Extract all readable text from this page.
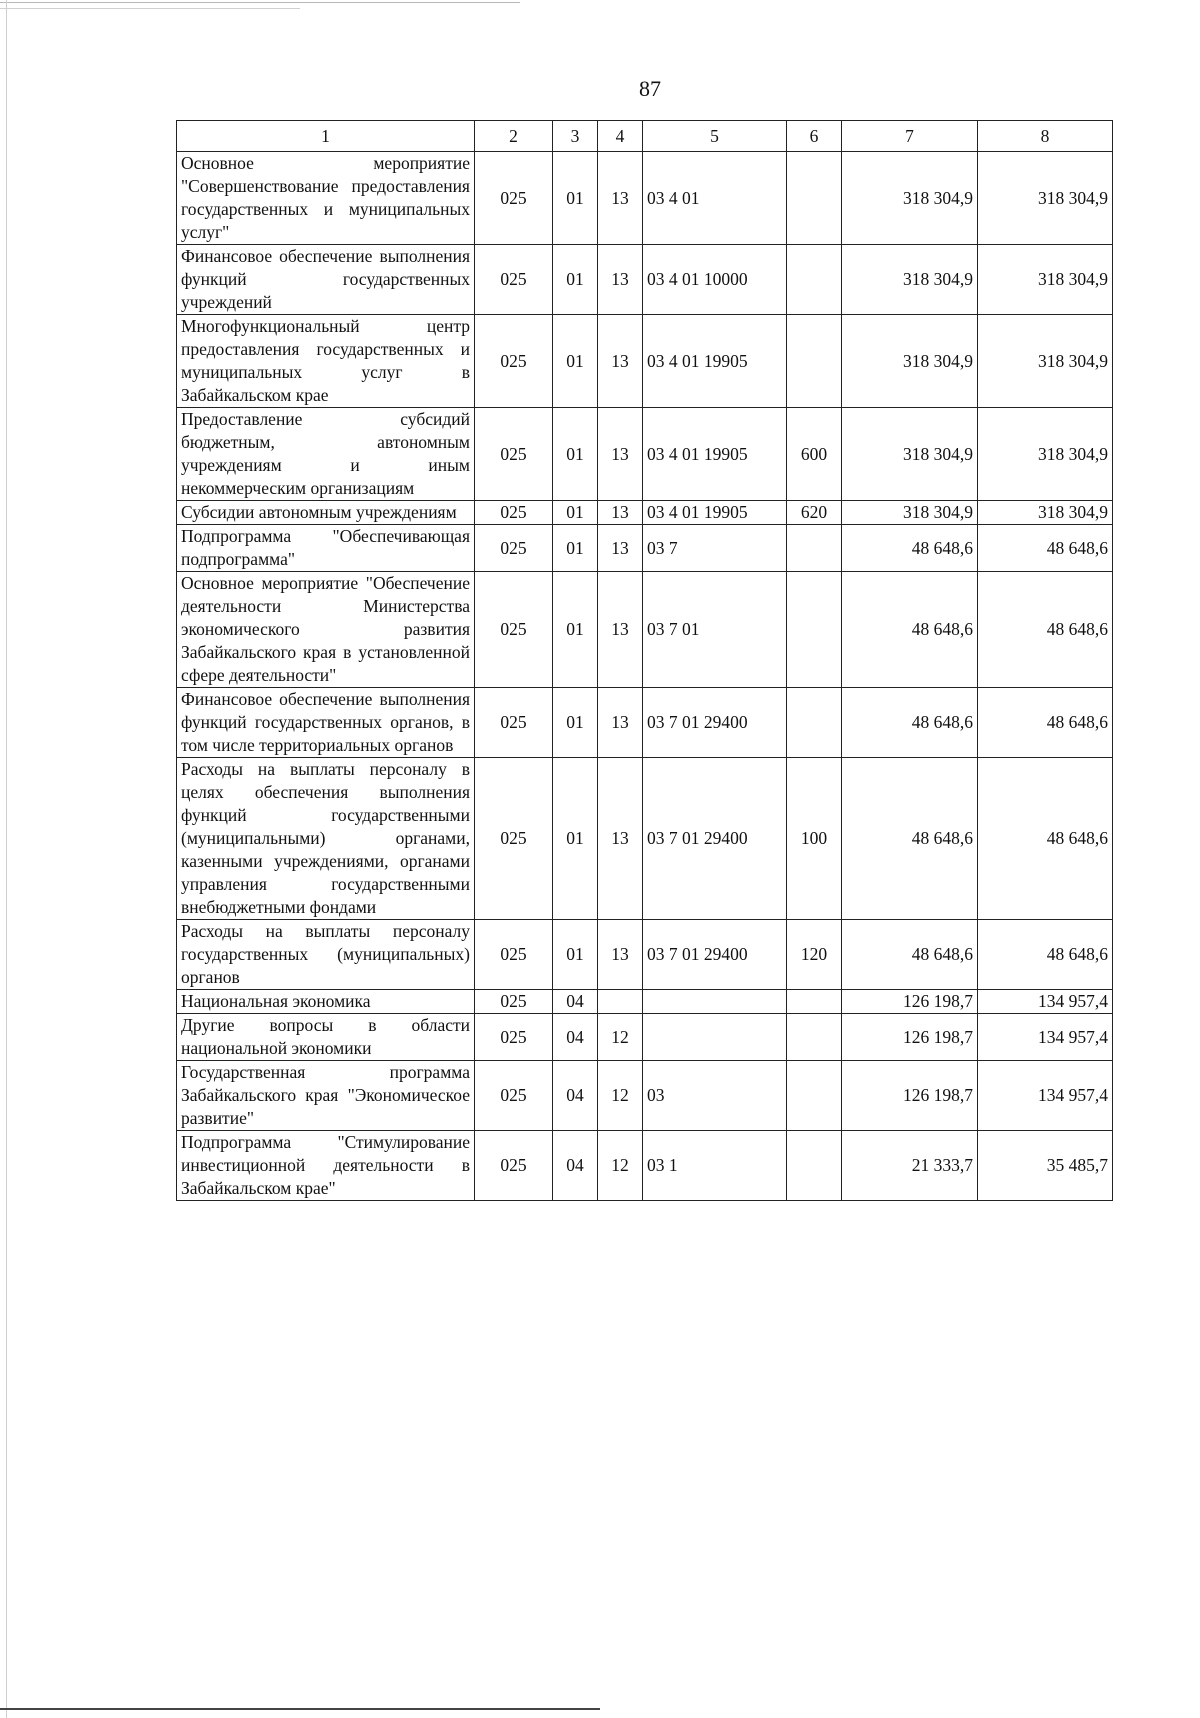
87
1	2	3	4	5	6	7	8
Основное мероприятие "Совершенствование предоставления государственных и муниципальных услуг"	025	01	13	03 4 01		318 304,9	318 304,9
Финансовое обеспечение выполнения функций государственных учреждений	025	01	13	03 4 01 10000		318 304,9	318 304,9
Многофункциональный центр предоставления государственных и муниципальных услуг в Забайкальском крае	025	01	13	03 4 01 19905		318 304,9	318 304,9
Предоставление субсидий бюджетным, автономным учреждениям и иным некоммерческим организациям	025	01	13	03 4 01 19905	600	318 304,9	318 304,9
Субсидии автономным учреждениям	025	01	13	03 4 01 19905	620	318 304,9	318 304,9
Подпрограмма "Обеспечивающая подпрограмма"	025	01	13	03 7		48 648,6	48 648,6
Основное мероприятие "Обеспечение деятельности Министерства экономического развития Забайкальского края в установленной сфере деятельности"	025	01	13	03 7 01		48 648,6	48 648,6
Финансовое обеспечение выполнения функций государственных органов, в том числе территориальных органов	025	01	13	03 7 01 29400		48 648,6	48 648,6
Расходы на выплаты персоналу в целях обеспечения выполнения функций государственными (муниципальными) органами, казенными учреждениями, органами управления государственными внебюджетными фондами	025	01	13	03 7 01 29400	100	48 648,6	48 648,6
Расходы на выплаты персоналу государственных (муниципальных) органов	025	01	13	03 7 01 29400	120	48 648,6	48 648,6
Национальная экономика	025	04				126 198,7	134 957,4
Другие вопросы в области национальной экономики	025	04	12			126 198,7	134 957,4
Государственная программа Забайкальского края "Экономическое развитие"	025	04	12	03		126 198,7	134 957,4
Подпрограмма "Стимулирование инвестиционной деятельности в Забайкальском крае"	025	04	12	03 1		21 333,7	35 485,7
